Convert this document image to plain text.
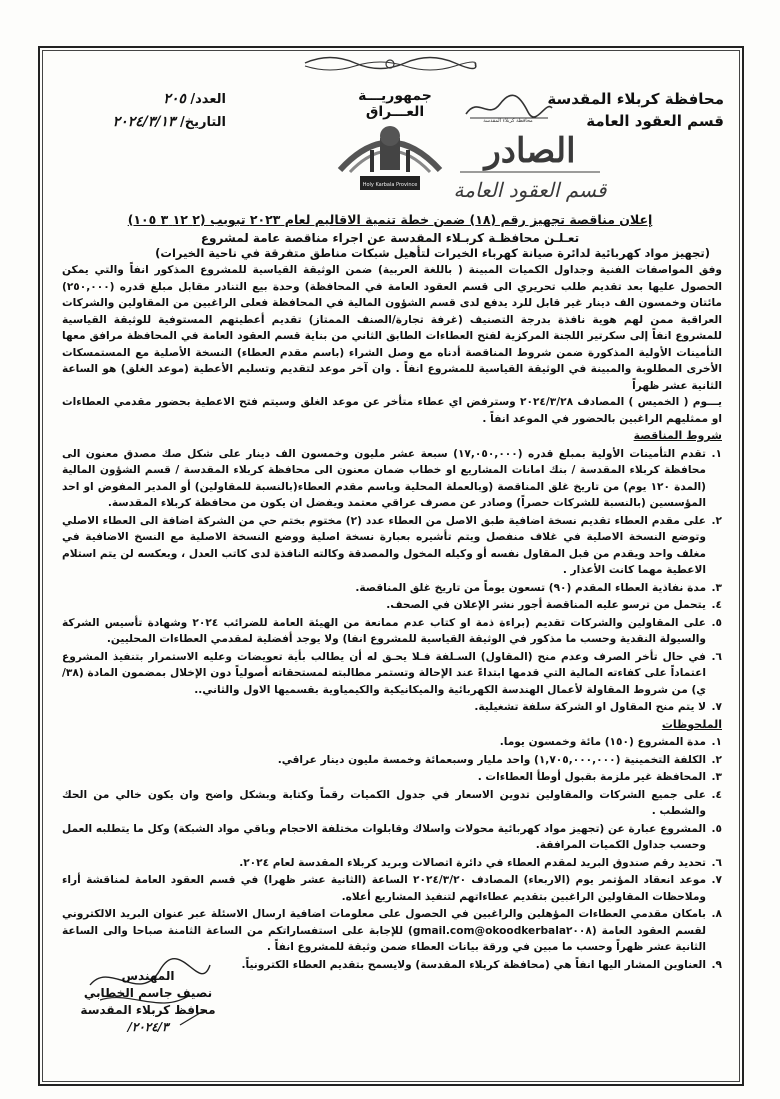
محافظة كربلاء المقدسة
قسم العقود العامة
محافظة كربلاء المقدسة
جمهوريـــة العـــراق
العدد/ ٢٠٥
التاريخ/ ٢٠٢٤/٣/١٣
Holy Karbala Province
الصادر
قسم العقود العامة
إعلان مناقصة تجهيز رقم (١٨) ضمن خطة تنمية الاقاليم لعام ٢٠٢٣ تبويب (٢ ١٢ ٣ ١٠٥)
تعـلـن محافظـة كربـلاء المقدسة عن اجراء مناقصة عامة لمشروع
(تجهيز مواد كهربائية لدائرة صيانة كهرباء الخيرات لتأهيل شبكات مناطق متفرقة في ناحية الخيرات)

وفق المواصفات الفنية وجداول الكميات المبينة ( باللغة العربية) ضمن الوثيقة القياسية للمشروع المذكور انفاً والتي يمكن الحصول عليها بعد تقديم طلب تحريري الى قسم العقود العامة في المحافظة) وحدة بيع التنادر مقابل مبلغ قدره (٢٥٠,٠٠٠) مائتان وخمسون الف دينار غير قابل للرد يدفع لدى قسم الشؤون المالية في المحافظة فعلى الراغبين من المقاولين والشركات العراقية ممن لهم هوية نافذة بدرجة التصنيف (غرفة تجارة/الصنف الممتاز) تقديم أعطيتهم المستوفية للوثيقة القياسية للمشروع انفاً إلى سكرتير اللجنة المركزية لفتح العطاءات الطابق الثاني من بناية قسم العقود العامة في المحافظة مرافق معها التأمينات الأولية المذكورة ضمن شروط المناقصة أدناه مع وصل الشراء (باسم مقدم العطاء) النسخة الأصلية مع المستمسكات الأخرى المطلوبة والمبينة في الوثيقة القياسية للمشروع انفاً . وان آخر موعد لتقديم وتسليم الأعطية (موعد الغلق) هو الساعة الثانية عشر ظهراً

يـــوم ( الخميس ) المصادف ٢٠٢٤/٣/٢٨ وسترفض اي عطاء متأخر عن موعد الغلق وسيتم فتح الاعطية بحضور مقدمي العطاءات او ممثليهم الراغبين بالحضور في الموعد انفاً .

شروط المناقصة

١.
تقدم التأمينات الأولية بمبلغ قدره (١٧,٠٥٠,٠٠٠) سبعة عشر مليون وخمسون الف دينار على شكل صك مصدق معنون الى محافظة كربلاء المقدسة / بنك امانات المشاريع او خطاب ضمان معنون الى محافظة كربلاء المقدسة / قسم الشؤون المالية (المدة ١٢٠ يوم) من تاريخ غلق المناقصة (وبالعملة المحلية وباسم مقدم العطاء(بالنسبة للمقاولين) أو المدير المفوض او احد المؤسسين (بالنسبة للشركات حصراً) وصادر عن مصرف عراقي معتمد ويفضل ان يكون من محافظة كربلاء المقدسة.
٢.
على مقدم العطاء تقديم نسخة اضافية طبق الاصل من العطاء عدد (٢) مختوم بختم حي من الشركة اضافة الى العطاء الاصلي وتوضع النسخة الاصلية في غلاف منفصل ويتم تأشيره بعبارة نسخة اصلية ووضع النسخة الاصلية مع النسخ الاضافية في مغلف واحد ويقدم من قبل المقاول نفسه أو وكيله المخول والمصدقة وكالته النافذة لدى كاتب العدل ، وبعكسه لن يتم استلام الاعطية مهما كانت الأعذار .
٣.
مدة نفاذية العطاء المقدم (٩٠) تسعون يوماً من تاريخ غلق المناقصة.
٤.
يتحمل من ترسو عليه المناقصة أجور نشر الإعلان في الصحف.
٥.
على المقاولين والشركات تقديم (براءة ذمة او كتاب عدم ممانعة من الهيئة العامة للضرائب ٢٠٢٤ وشهادة تأسيس الشركة والسيولة النقدية وحسب ما مذكور في الوثيقة القياسية للمشروع انفا) ولا يوجد أفضلية لمقدمي العطاءات المحليين.
٦.
في حال تأخر الصرف وعدم منح (المقاول) السـلفة فـلا يحـق له أن يطالب بأية تعويضات وعليه الاستمرار بتنفيذ المشروع اعتماداً على كفاءته المالية التي قدمها ابتداءً عند الإحالة وتستمر مطالبته لمستحقاته أصولياً دون الإخلال بمضمون المادة (٣٨/ي) من شروط المقاولة لأعمال الهندسة الكهربائية والميكانيكية والكيمياوية بقسميها الاول والثاني..
٧.
لا يتم منح المقاول او الشركة سلفة تشغيلية.

الملحوظات

١.
مدة المشروع (١٥٠) مائة وخمسون يوما.
٢.
الكلفة التخمينية (١,٧٠٥,٠٠٠,٠٠٠) واحد مليار وسبعمائة وخمسة مليون دينار عراقي.
٣.
المحافظة غير ملزمة بقبول أوطأ العطاءات .
٤.
على جميع الشركات والمقاولين تدوين الاسعار في جدول الكميات رقماً وكتابة وبشكل واضح وان يكون خالي من الحك والشطب .
٥.
المشروع عبارة عن (تجهيز مواد كهربائية محولات واسلاك وقابلوات مختلفة الاحجام وباقي مواد الشبكة) وكل ما يتطلبه العمل وحسب جداول الكميات المرافقة.
٦.
تحديد رقم صندوق البريد لمقدم العطاء في دائرة اتصالات وبريد كربلاء المقدسة لعام ٢٠٢٤.
٧.
موعد انعقاد المؤتمر يوم (الاربعاء) المصادف ٢٠٢٤/٣/٢٠ الساعة (الثانية عشر ظهرا) في قسم العقود العامة لمناقشة أراء وملاحظات المقاولين الراغبين بتقديم عطاءاتهم لتنفيذ المشاريع أعلاه.
٨.
بامكان مقدمي العطاءات المؤهلين والراغبين في الحصول على معلومات اضافية ارسال الاسئلة عبر عنوان البريد الالكتروني لقسم العقود العامة (okoodkerbala٢٠٠٨@gmail.com) للإجابة على استفساراتكم من الساعة الثامنة صباحا والى الساعة الثانية عشر ظهراً وحسب ما مبين في ورقة بيانات العطاء ضمن وثيقة للمشروع انفاً .
٩.
العناوين المشار اليها انفاً هي (محافظة كربلاء المقدسة) ولايسمح بتقديم العطاء الكترونياً.
المهندس
نصيف جاسم الخطابي
محافظ كربلاء المقدسة
٢٠٢٤/٣/
